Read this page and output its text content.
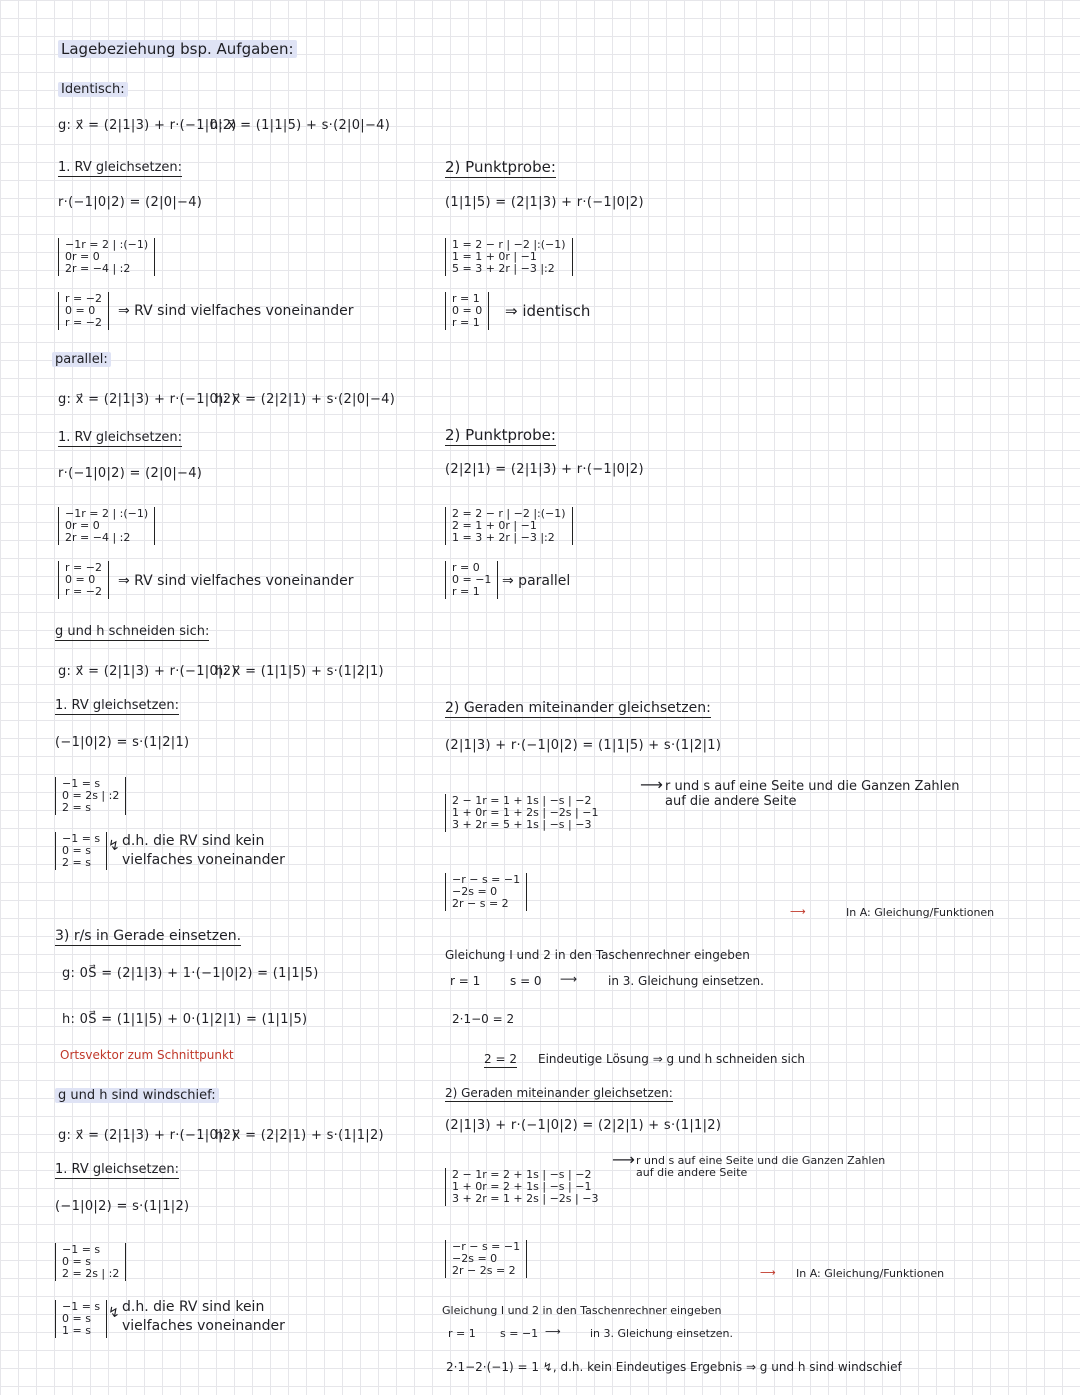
Lagebeziehung bsp. Aufgaben:
Identisch:
g: x⃗ = (2|1|3) + r·(−1|0|2)
h: x⃗ = (1|1|5) + s·(2|0|−4)
1. RV gleichsetzen:
r·(−1|0|2) = (2|0|−4)
−1r = 2 | :(−1)
0r = 0
2r = −4 | :2
r = −2
0 = 0
r = −2
⇒ RV sind vielfaches voneinander
2) Punktprobe:
(1|1|5) = (2|1|3) + r·(−1|0|2)
1 = 2 − r | −2 |:(−1)
1 = 1 + 0r | −1
5 = 3 + 2r | −3 |:2
r = 1
0 = 0
r = 1
⇒ identisch
parallel:
g: x⃗ = (2|1|3) + r·(−1|0|2)
h: x⃗ = (2|2|1) + s·(2|0|−4)
1. RV gleichsetzen:
r·(−1|0|2) = (2|0|−4)
−1r = 2 | :(−1)
0r = 0
2r = −4 | :2
r = −2
0 = 0
r = −2
⇒ RV sind vielfaches voneinander
2) Punktprobe:
(2|2|1) = (2|1|3) + r·(−1|0|2)
2 = 2 − r | −2 |:(−1)
2 = 1 + 0r | −1
1 = 3 + 2r | −3 |:2
r = 0
0 = −1
r = 1
⇒ parallel
g und h schneiden sich:
g: x⃗ = (2|1|3) + r·(−1|0|2)
h: x⃗ = (1|1|5) + s·(1|2|1)
1. RV gleichsetzen:
(−1|0|2) = s·(1|2|1)
−1 = s
0 = 2s | :2
2 = s
−1 = s
0 = s
2 = s
↯ d.h. die RV sind kein
vielfaches voneinander
3) r/s in Gerade einsetzen.
g: 0S⃗ = (2|1|3) + 1·(−1|0|2) = (1|1|5)
h: 0S⃗ = (1|1|5) + 0·(1|2|1) = (1|1|5)
Ortsvektor zum Schnittpunkt
2) Geraden miteinander gleichsetzen:
(2|1|3) + r·(−1|0|2) = (1|1|5) + s·(1|2|1)
2 − 1r = 1 + 1s | −s | −2
1 + 0r = 1 + 2s | −2s | −1
3 + 2r = 5 + 1s | −s | −3
−r − s = −1
−2s = 0
2r − s = 2
⟶ r und s auf eine Seite und die Ganzen Zahlen
auf die andere Seite
⟶	In A: Gleichung/Funktionen
Gleichung I und 2 in den Taschenrechner eingeben
r = 1 s = 0 ⟶	in 3. Gleichung einsetzen.
2·1−0 = 2
2 = 2 Eindeutige Lösung ⇒ g und h schneiden sich
g und h sind windschief:
g: x⃗ = (2|1|3) + r·(−1|0|2)
h: x⃗ = (2|2|1) + s·(1|1|2)
1. RV gleichsetzen:
(−1|0|2) = s·(1|1|2)
−1 = s
0 = s
2 = 2s | :2
−1 = s
0 = s
1 = s
↯ d.h. die RV sind kein
vielfaches voneinander
2) Geraden miteinander gleichsetzen:
(2|1|3) + r·(−1|0|2) = (2|2|1) + s·(1|1|2)
2 − 1r = 2 + 1s | −s | −2
1 + 0r = 2 + 1s | −s | −1
3 + 2r = 1 + 2s | −2s | −3
−r − s = −1
−2s = 0
2r − 2s = 2
⟶ r und s auf eine Seite und die Ganzen Zahlen
auf die andere Seite
⟶ In A: Gleichung/Funktionen
Gleichung I und 2 in den Taschenrechner eingeben
r = 1 s = −1 ⟶	in 3. Gleichung einsetzen.
2·1−2·(−1) = 1 ↯, d.h. kein Eindeutiges Ergebnis ⇒ g und h sind windschief
